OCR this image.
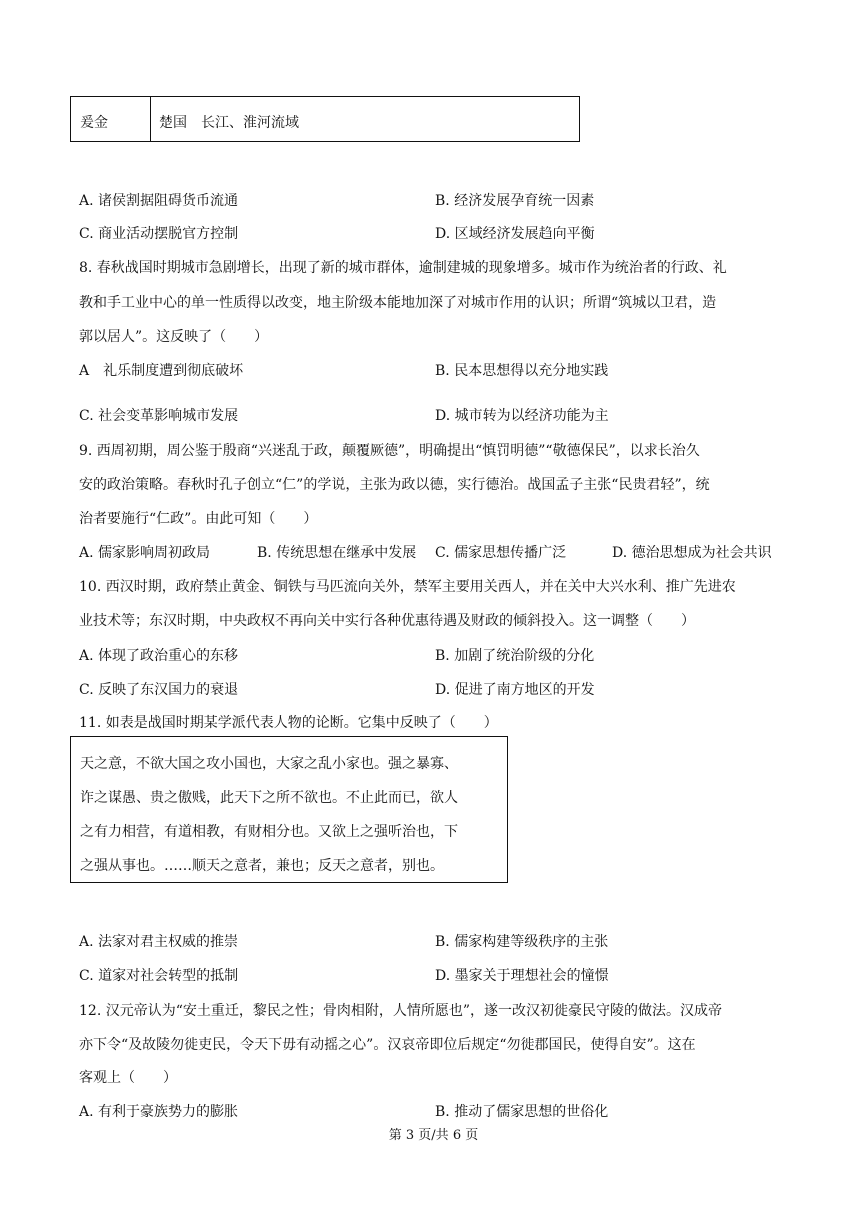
爰金	楚国　长江、淮河流域
A. 诸侯割据阻碍货币流通	B. 经济发展孕育统一因素
C. 商业活动摆脱官方控制	D. 区域经济发展趋向平衡
8. 春秋战国时期城市急剧增长，出现了新的城市群体，逾制建城的现象增多。城市作为统治者的行政、礼
教和手工业中心的单一性质得以改变，地主阶级本能地加深了对城市作用的认识；所谓“筑城以卫君，造
郭以居人”。这反映了（　　）
A　礼乐制度遭到彻底破坏	B. 民本思想得以充分地实践
C. 社会变革影响城市发展	D. 城市转为以经济功能为主
9. 西周初期，周公鉴于殷商“兴迷乱于政，颠覆厥德”，明确提出“慎罚明德”“敬德保民”，以求长治久
安的政治策略。春秋时孔子创立“仁”的学说，主张为政以德，实行德治。战国孟子主张“民贵君轻”，统
治者要施行“仁政”。由此可知（　　）
A. 儒家影响周初政局	B. 传统思想在继承中发展 C. 儒家思想传播广泛	D. 德治思想成为社会共识
10. 西汉时期，政府禁止黄金、铜铁与马匹流向关外，禁军主要用关西人，并在关中大兴水利、推广先进农
业技术等；东汉时期，中央政权不再向关中实行各种优惠待遇及财政的倾斜投入。这一调整（　　）
A. 体现了政治重心的东移	B. 加剧了统治阶级的分化
C. 反映了东汉国力的衰退	D. 促进了南方地区的开发
11. 如表是战国时期某学派代表人物的论断。它集中反映了（　　）
天之意，不欲大国之攻小国也，大家之乱小家也。强之暴寡、
诈之谋愚、贵之傲贱，此天下之所不欲也。不止此而已，欲人
之有力相营，有道相教，有财相分也。又欲上之强听治也，下
之强从事也。……顺天之意者，兼也；反天之意者，别也。
A. 法家对君主权威的推崇	B. 儒家构建等级秩序的主张
C. 道家对社会转型的抵制	D. 墨家关于理想社会的憧憬
12. 汉元帝认为“安土重迁，黎民之性；骨肉相附，人情所愿也”，遂一改汉初徙豪民守陵的做法。汉成帝
亦下令“及故陵勿徙吏民，令天下毋有动摇之心”。汉哀帝即位后规定“勿徙郡国民，使得自安”。这在
客观上（　　）
A. 有利于豪族势力的膨胀	B. 推动了儒家思想的世俗化
第 3 页/共 6 页
